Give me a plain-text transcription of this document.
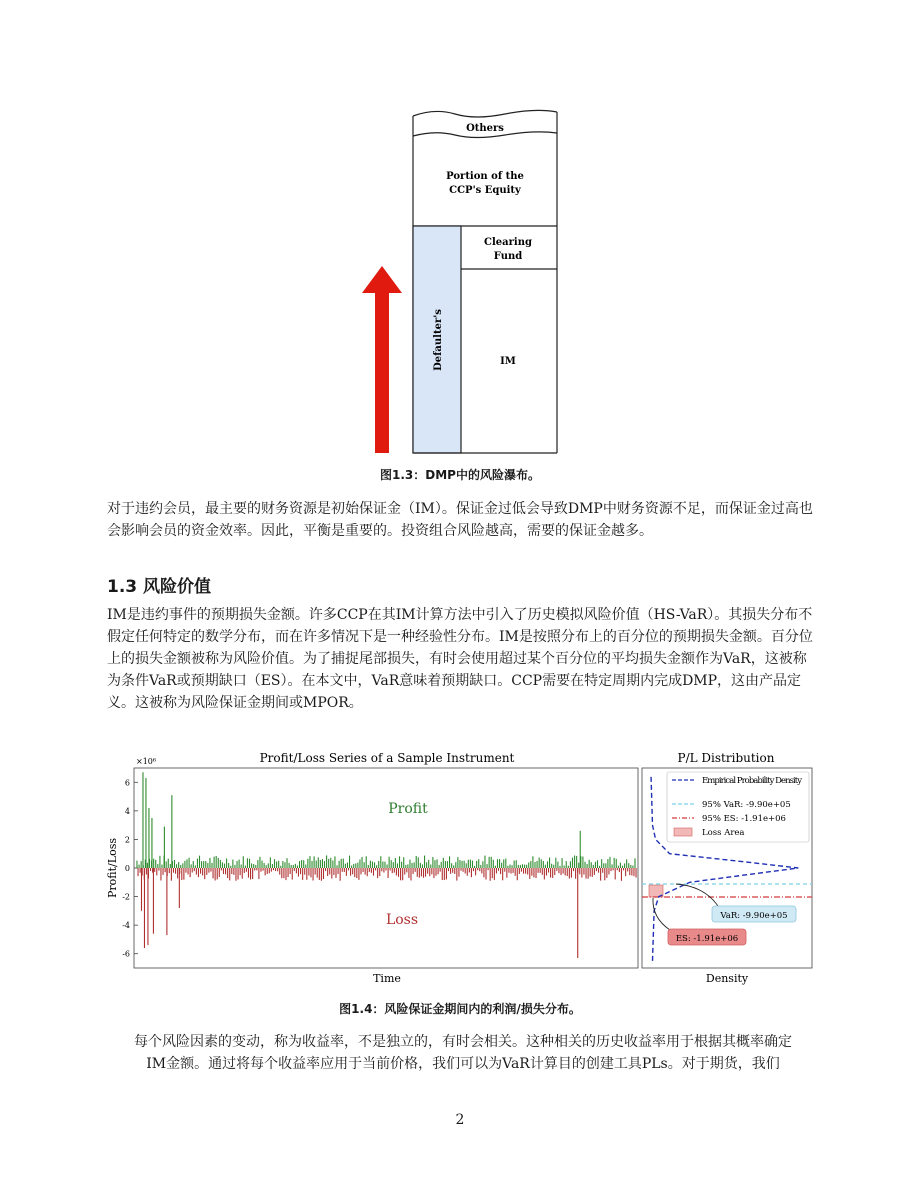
Others
Portion of the
CCP's Equity
Clearing
Fund
Defaulter's	IM
图1.3：DMP中的风险瀑布。
对于违约会员，最主要的财务资源是初始保证金（IM）。保证金过低会导致DMP中财务资源不足，而保证金过高也会影响会员的资金效率。因此，平衡是重要的。投资组合风险越高，需要的保证金越多。
1.3 风险价值
IM是违约事件的预期损失金额。许多CCP在其IM计算方法中引入了历史模拟风险价值（HS-VaR）。其损失分布不假定任何特定的数学分布，而在许多情况下是一种经验性分布。IM是按照分布上的百分位的预期损失金额。百分位上的损失金额被称为风险价值。为了捕捉尾部损失，有时会使用超过某个百分位的平均损失金额作为VaR，这被称为条件VaR或预期缺口（ES）。在本文中，VaR意味着预期缺口。CCP需要在特定周期内完成DMP，这由产品定义。这被称为风险保证金期间或MPOR。
Profit/Loss Series of a Sample Instrument
×10⁶
6
4
2
0
-2
-4
-6
Profit
Loss
Time
Profit/Loss
P/L Distribution
Empirical Probability Density
95% VaR: -9.90e+05
95% ES: -1.91e+06
Loss Area
VaR: -9.90e+05
ES: -1.91e+06
Density
图1.4：风险保证金期间内的利润/损失分布。
每个风险因素的变动，称为收益率，不是独立的，有时会相关。这种相关的历史收益率用于根据其概率确定
IM金额。通过将每个收益率应用于当前价格，我们可以为VaR计算目的创建工具PLs。对于期货，我们
2
